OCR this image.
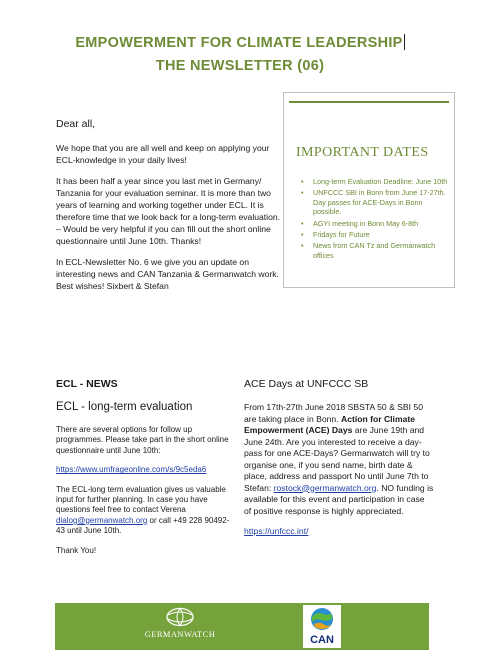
EMPOWERMENT FOR CLIMATE LEADERSHIP
THE NEWSLETTER (06)

Dear all,

We hope that you are all well and keep on applying your ECL-knowledge in your daily lives!

It has been half a year since you last met in Germany/ Tanzania for your evaluation seminar. It is more than two years of learning and working together under ECL. It is therefore time that we look back for a long-term evaluation. – Would be very helpful if you can fill out the short online questionnaire until June 10th. Thanks!

In ECL-Newsletter No. 6 we give you an update on interesting news and CAN Tanzania & Germanwatch work.

Best wishes! Sixbert & Stefan

IMPORTANT DATES
• Long-term Evaluation Deadline: June 10th
• UNFCCC SBI in Bonn from June 17-27th. Day passes for ACE-Days in Bonn possible.
• AGYI meeting in Bonn May 6-8th
• Fridays for Future
• News from CAN Tz and Germanwatch offices
ECL - NEWS
ECL - long-term evaluation
ACE Days at UNFCCC SB

There are several options for follow up programmes. Please take part in the short online questionnaire until June 10th:

https://www.umfrageonline.com/s/9c5eda6

The ECL-long term evaluation gives us valuable input for further planning. In case you have questions feel free to contact Verena dialog@germanwatch.org or call +49 228 90492-43 until June 10th.

Thank You!

From 17th-27th June 2018 SBSTA 50 & SBI 50 are taking place in Bonn. Action for Climate Empowerment (ACE) Days are June 19th and June 24th. Are you interested to receive a day-pass for one ACE-Days? Germanwatch will try to organise one, if you send name, birth date & place, address and passport No until June 7th to Stefan: rostock@germanwatch.org. NO funding is available for this event and participation in case of positive response is highly appreciated.

https://unfccc.int/

GERMANWATCH	CAN
